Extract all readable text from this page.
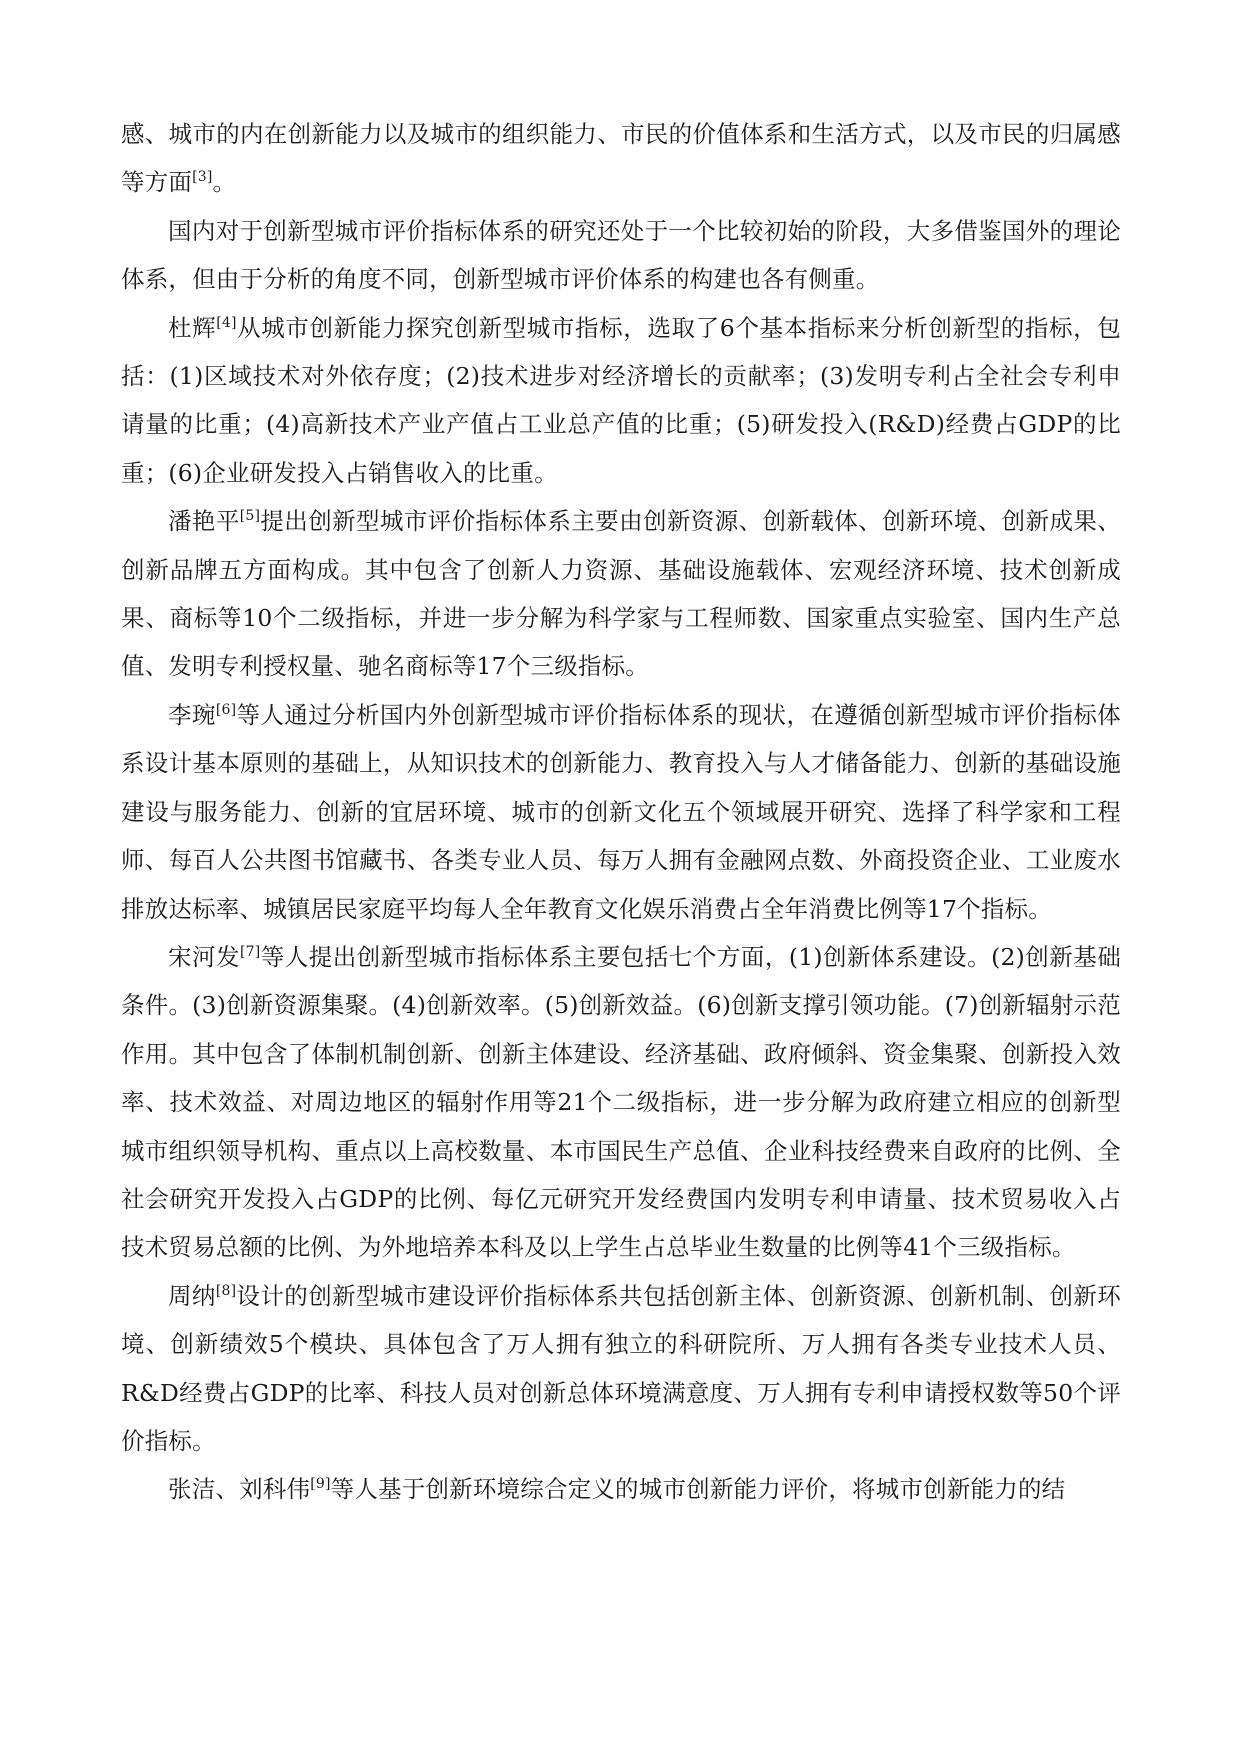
感、城市的内在创新能力以及城市的组织能力、市民的价值体系和生活方式，以及市民的归属感等方面[3]。

国内对于创新型城市评价指标体系的研究还处于一个比较初始的阶段，大多借鉴国外的理论体系，但由于分析的角度不同，创新型城市评价体系的构建也各有侧重。

杜辉[4]从城市创新能力探究创新型城市指标，选取了6个基本指标来分析创新型的指标，包括：(1)区域技术对外依存度；(2)技术进步对经济增长的贡献率；(3)发明专利占全社会专利申请量的比重；(4)高新技术产业产值占工业总产值的比重；(5)研发投入(R&D)经费占GDP的比重；(6)企业研发投入占销售收入的比重。

潘艳平[5]提出创新型城市评价指标体系主要由创新资源、创新载体、创新环境、创新成果、创新品牌五方面构成。其中包含了创新人力资源、基础设施载体、宏观经济环境、技术创新成果、商标等10个二级指标，并进一步分解为科学家与工程师数、国家重点实验室、国内生产总值、发明专利授权量、驰名商标等17个三级指标。

李琬[6]等人通过分析国内外创新型城市评价指标体系的现状，在遵循创新型城市评价指标体系设计基本原则的基础上，从知识技术的创新能力、教育投入与人才储备能力、创新的基础设施建设与服务能力、创新的宜居环境、城市的创新文化五个领域展开研究、选择了科学家和工程师、每百人公共图书馆藏书、各类专业人员、每万人拥有金融网点数、外商投资企业、工业废水排放达标率、城镇居民家庭平均每人全年教育文化娱乐消费占全年消费比例等17个指标。

宋河发[7]等人提出创新型城市指标体系主要包括七个方面，(1)创新体系建设。(2)创新基础条件。(3)创新资源集聚。(4)创新效率。(5)创新效益。(6)创新支撑引领功能。(7)创新辐射示范作用。其中包含了体制机制创新、创新主体建设、经济基础、政府倾斜、资金集聚、创新投入效率、技术效益、对周边地区的辐射作用等21个二级指标，进一步分解为政府建立相应的创新型城市组织领导机构、重点以上高校数量、本市国民生产总值、企业科技经费来自政府的比例、全社会研究开发投入占GDP的比例、每亿元研究开发经费国内发明专利申请量、技术贸易收入占技术贸易总额的比例、为外地培养本科及以上学生占总毕业生数量的比例等41个三级指标。

周纳[8]设计的创新型城市建设评价指标体系共包括创新主体、创新资源、创新机制、创新环境、创新绩效5个模块、具体包含了万人拥有独立的科研院所、万人拥有各类专业技术人员、R&D经费占GDP的比率、科技人员对创新总体环境满意度、万人拥有专利申请授权数等50个评价指标。

张洁、刘科伟[9]等人基于创新环境综合定义的城市创新能力评价，将城市创新能力的结
